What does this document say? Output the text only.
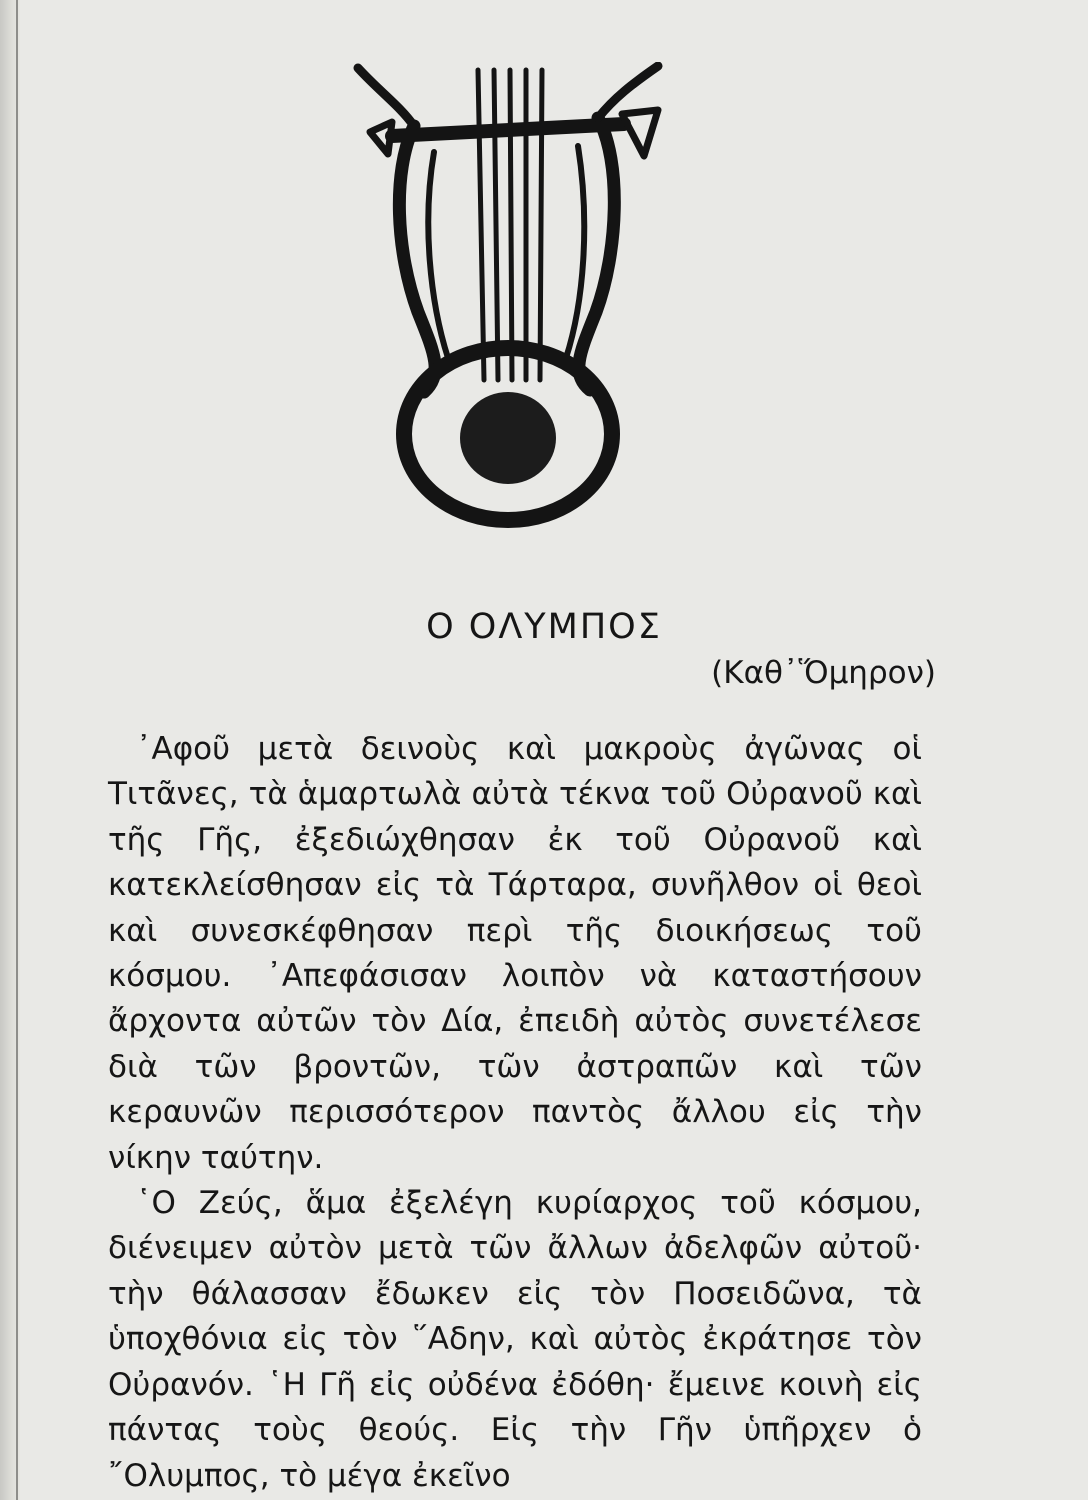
Ο ΟΛΥΜΠΟΣ
(Καθ᾿Ὅμηρον)

᾿Αφοῦ μετὰ δεινοὺς καὶ μακροὺς ἀγῶνας οἱ Τιτᾶνες, τὰ ἁμαρτωλὰ αὐτὰ τέκνα τοῦ Οὐρανοῦ καὶ τῆς Γῆς, ἐξεδιώχθησαν ἐκ τοῦ Οὐρανοῦ καὶ κατεκλείσθησαν εἰς τὰ Τάρταρα, συνῆλθον οἱ θεοὶ καὶ συνεσκέφθησαν περὶ τῆς διοικήσεως τοῦ κόσμου. ᾿Απεφάσισαν λοιπὸν νὰ καταστήσουν ἄρχοντα αὐτῶν τὸν Δία, ἐπειδὴ αὐτὸς συνετέλεσε διὰ τῶν βροντῶν, τῶν ἀστραπῶν καὶ τῶν κεραυνῶν περισσότερον παντὸς ἄλλου εἰς τὴν νίκην ταύτην.

῾Ο Ζεύς, ἅμα ἐξελέγη κυρίαρχος τοῦ κόσμου, διένειμεν αὐτὸν μετὰ τῶν ἄλλων ἀδελφῶν αὐτοῦ· τὴν θάλασσαν ἔδωκεν εἰς τὸν Ποσειδῶνα, τὰ ὑποχθόνια εἰς τὸν ῞Αδην, καὶ αὐτὸς ἐκράτησε τὸν Οὐρανόν. ῾Η Γῆ εἰς οὐδένα ἐδόθη· ἔμεινε κοινὴ εἰς πάντας τοὺς θεούς. Εἰς τὴν Γῆν ὑπῆρχεν ὁ ῎Ολυμπος, τὸ μέγα ἐκεῖνο
